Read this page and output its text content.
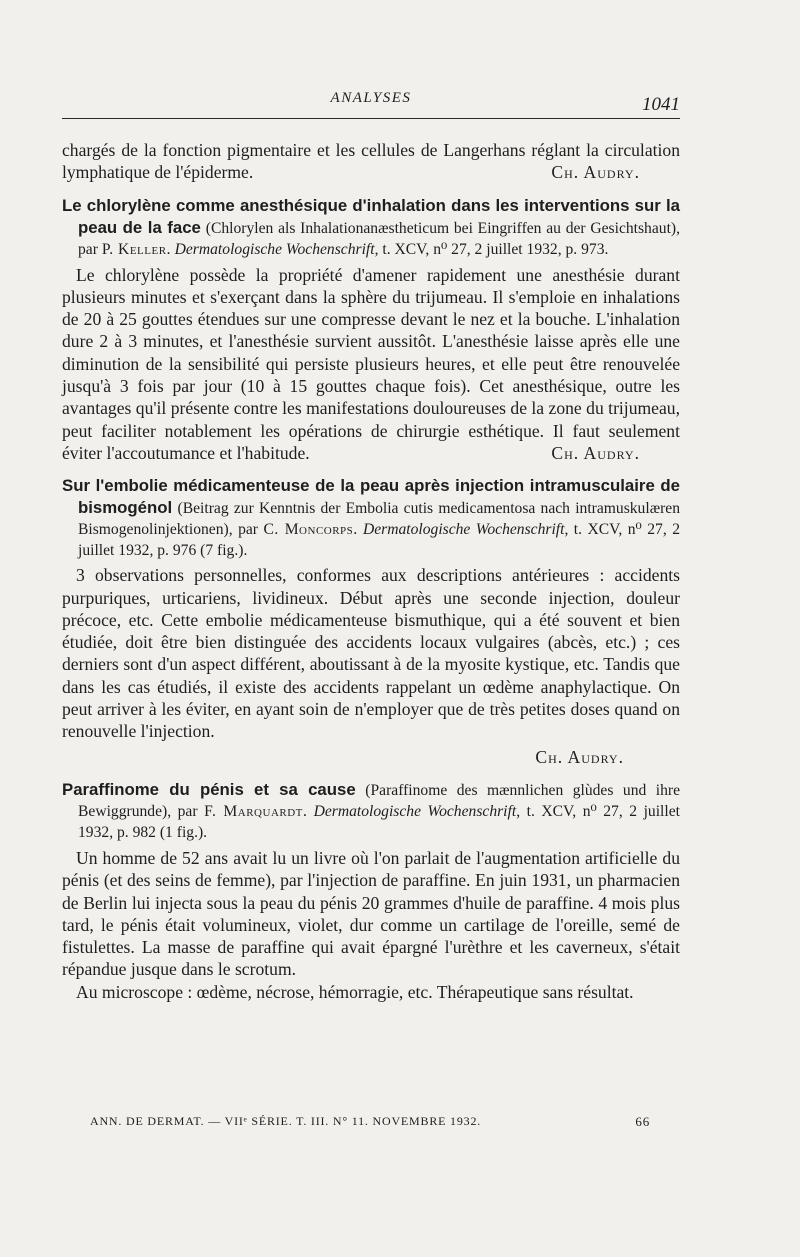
ANALYSES	1041

chargés de la fonction pigmentaire et les cellules de Langerhans réglant la circulation lymphatique de l'épiderme.	Ch. Audry.

Le chlorylène comme anesthésique d'inhalation dans les interventions sur la peau de la face (Chlorylen als Inhalationanæstheticum bei Eingriffen au der Gesichtshaut), par P. Keller. Dermatologische Wochenschrift, t. XCV, n⁰ 27, 2 juillet 1932, p. 973.

Le chlorylène possède la propriété d'amener rapidement une anesthésie durant plusieurs minutes et s'exerçant dans la sphère du trijumeau. Il s'emploie en inhalations de 20 à 25 gouttes étendues sur une compresse devant le nez et la bouche. L'inhalation dure 2 à 3 minutes, et l'anesthésie survient aussitôt. L'anesthésie laisse après elle une diminution de la sensibilité qui persiste plusieurs heures, et elle peut être renouvelée jusqu'à 3 fois par jour (10 à 15 gouttes chaque fois). Cet anesthésique, outre les avantages qu'il présente contre les manifestations douloureuses de la zone du trijumeau, peut faciliter notablement les opérations de chirurgie esthétique. Il faut seulement éviter l'accoutumance et l'habitude.	Ch. Audry.

Sur l'embolie médicamenteuse de la peau après injection intramusculaire de bismogénol (Beitrag zur Kenntnis der Embolia cutis medicamentosa nach intramuskulæren Bismogenolinjektionen), par C. Moncorps. Dermatologische Wochenschrift, t. XCV, n⁰ 27, 2 juillet 1932, p. 976 (7 fig.).

3 observations personnelles, conformes aux descriptions antérieures : accidents purpuriques, urticariens, lividineux. Début après une seconde injection, douleur précoce, etc. Cette embolie médicamenteuse bismuthique, qui a été souvent et bien étudiée, doit être bien distinguée des accidents locaux vulgaires (abcès, etc.) ; ces derniers sont d'un aspect différent, aboutissant à de la myosite kystique, etc. Tandis que dans les cas étudiés, il existe des accidents rappelant un œdème anaphylactique. On peut arriver à les éviter, en ayant soin de n'employer que de très petites doses quand on renouvelle l'injection.

Ch. Audry.

Paraffinome du pénis et sa cause (Paraffinome des mænnlichen glùdes und ihre Bewiggrunde), par F. Marquardt. Dermatologische Wochenschrift, t. XCV, n⁰ 27, 2 juillet 1932, p. 982 (1 fig.).

Un homme de 52 ans avait lu un livre où l'on parlait de l'augmentation artificielle du pénis (et des seins de femme), par l'injection de paraffine. En juin 1931, un pharmacien de Berlin lui injecta sous la peau du pénis 20 grammes d'huile de paraffine. 4 mois plus tard, le pénis était volumineux, violet, dur comme un cartilage de l'oreille, semé de fistulettes. La masse de paraffine qui avait épargné l'urèthre et les caverneux, s'était répandue jusque dans le scrotum.

Au microscope : œdème, nécrose, hémorragie, etc. Thérapeutique sans résultat.

ANN. DE DERMAT. — VIIᵉ SÉRIE. T. III. N° 11. NOVEMBRE 1932.	66
